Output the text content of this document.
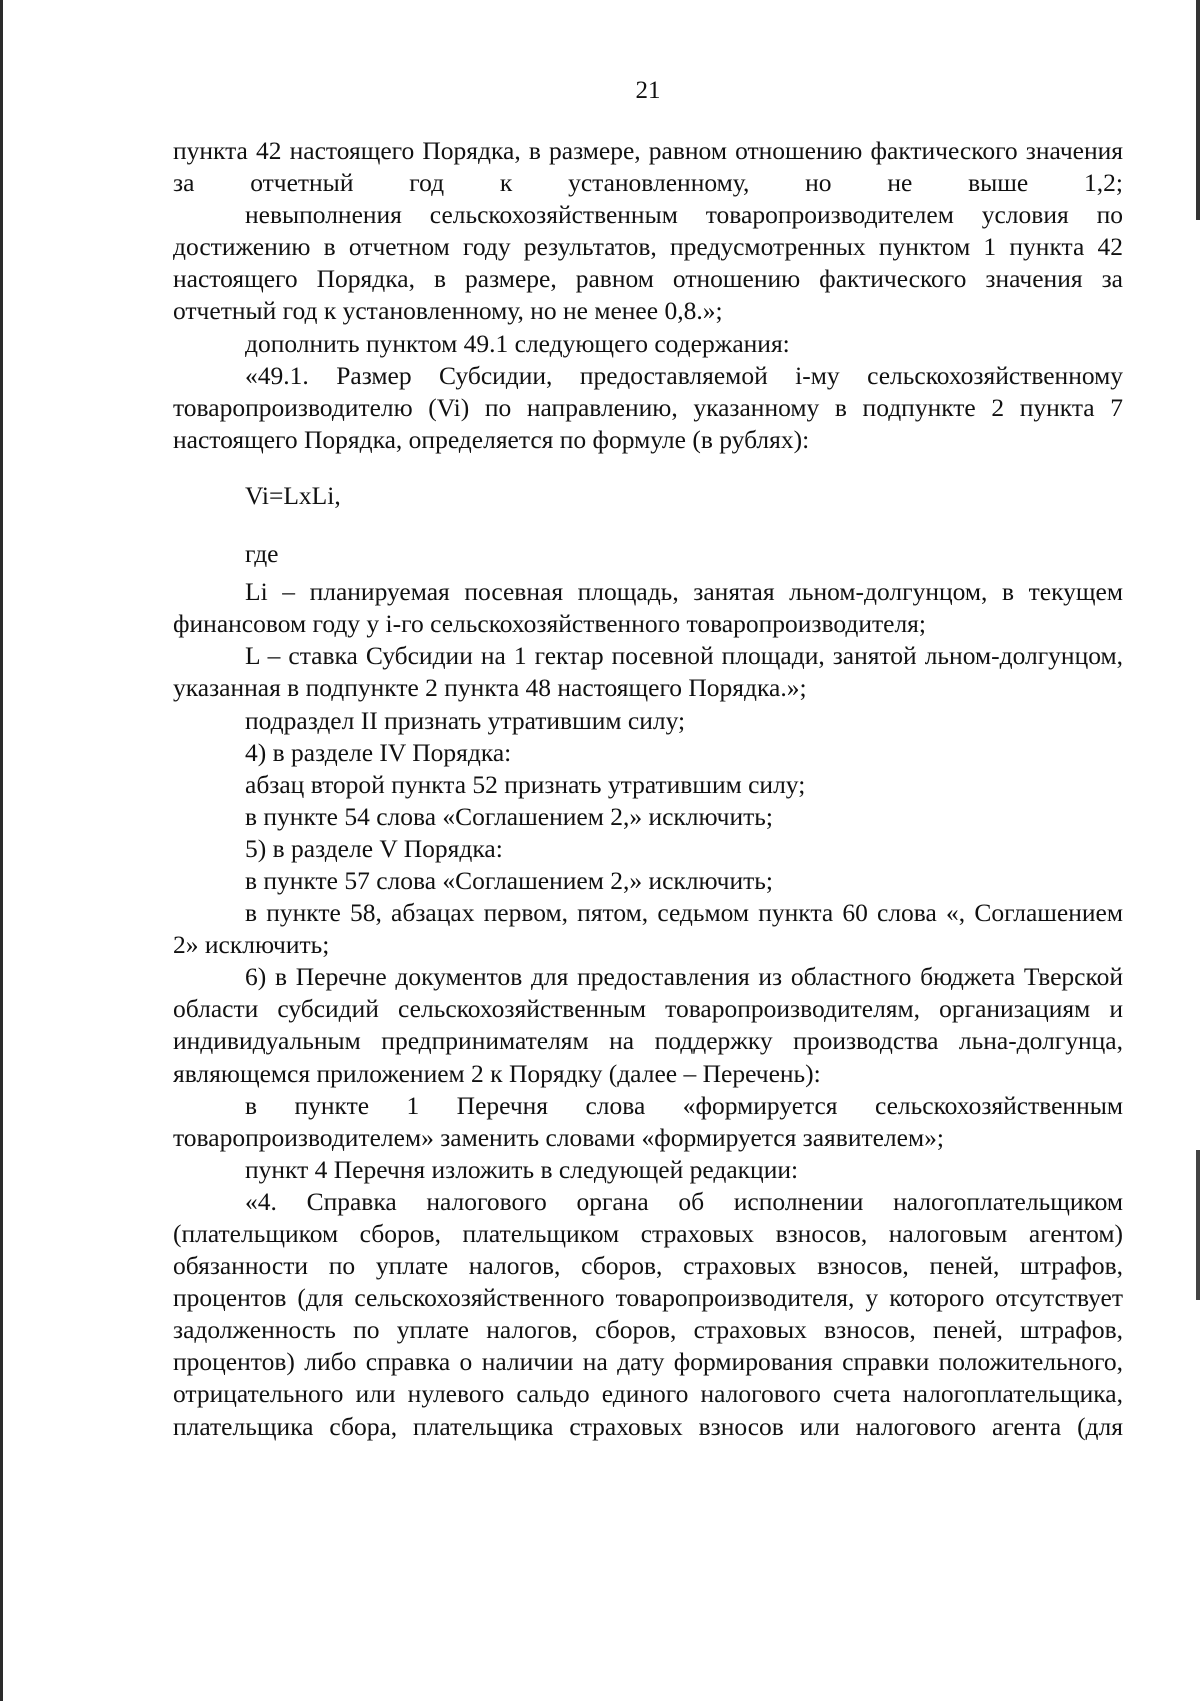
21

пункта 42 настоящего Порядка, в размере, равном отношению фактического значения за отчетный год к установленному, но не выше 1,2;

невыполнения сельскохозяйственным товаропроизводителем условия по достижению в отчетном году результатов, предусмотренных пунктом 1 пункта 42 настоящего Порядка, в размере, равном отношению фактического значения за отчетный год к установленному, но не менее 0,8.»;

дополнить пунктом 49.1 следующего содержания:

«49.1. Размер Субсидии, предоставляемой i-му сельскохозяйственному товаропроизводителю (Vi) по направлению, указанному в подпункте 2 пункта 7 настоящего Порядка, определяется по формуле (в рублях):

Vi=LxLi,

где

Li – планируемая посевная площадь, занятая льном-долгунцом, в текущем финансовом году у i-го сельскохозяйственного товаропроизводителя;

L – ставка Субсидии на 1 гектар посевной площади, занятой льном-долгунцом, указанная в подпункте 2 пункта 48 настоящего Порядка.»;

подраздел II признать утратившим силу;

4) в разделе IV Порядка:

абзац второй пункта 52 признать утратившим силу;

в пункте 54 слова «Соглашением 2,» исключить;

5) в разделе V Порядка:

в пункте 57 слова «Соглашением 2,» исключить;

в пункте 58, абзацах первом, пятом, седьмом пункта 60 слова «, Соглашением 2» исключить;

6) в Перечне документов для предоставления из областного бюджета Тверской области субсидий сельскохозяйственным товаропроизводителям, организациям и индивидуальным предпринимателям на поддержку производства льна-долгунца, являющемся приложением 2 к Порядку (далее – Перечень):

в пункте 1 Перечня слова «формируется сельскохозяйственным товаропроизводителем» заменить словами «формируется заявителем»;

пункт 4 Перечня изложить в следующей редакции:

«4. Справка налогового органа об исполнении налогоплательщиком (плательщиком сборов, плательщиком страховых взносов, налоговым агентом) обязанности по уплате налогов, сборов, страховых взносов, пеней, штрафов, процентов (для сельскохозяйственного товаропроизводителя, у которого отсутствует задолженность по уплате налогов, сборов, страховых взносов, пеней, штрафов, процентов) либо справка о наличии на дату формирования справки положительного, отрицательного или нулевого сальдо единого налогового счета налогоплательщика, плательщика сбора, плательщика страховых взносов или налогового агента (для
